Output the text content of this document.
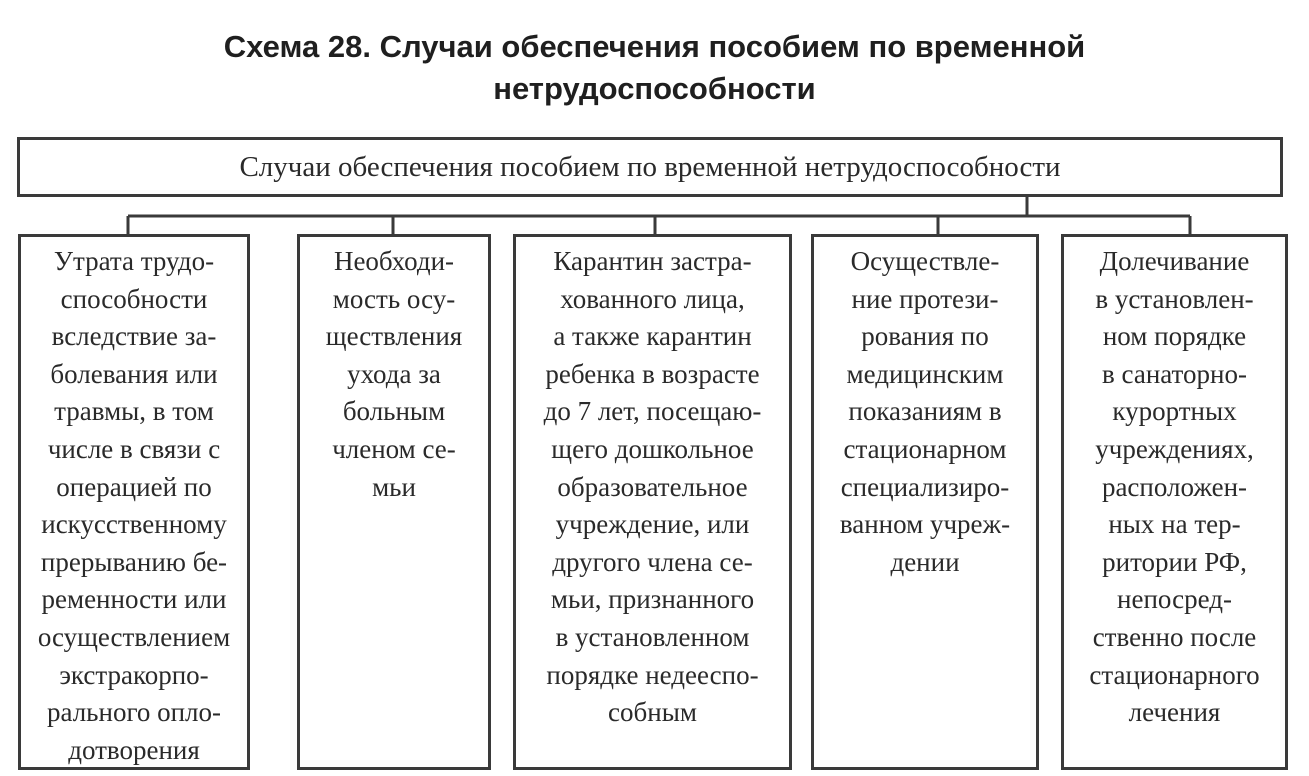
Схема 28. Случаи обеспечения пособием по временной
нетрудоспособности
Случаи обеспечения пособием по временной нетрудоспособности
Утрата трудо-
способности
вследствие за-
болевания или
травмы, в том
числе в связи с
операцией по
искусственному
прерыванию бе-
ременности или
осуществлением
экстракорпо-
рального опло-
дотворения
Необходи-
мость осу-
ществления
ухода за
больным
членом се-
мьи
Карантин застра-
хованного лица,
а также карантин
ребенка в возрасте
до 7 лет, посещаю-
щего дошкольное
образовательное
учреждение, или
другого члена се-
мьи, признанного
в установленном
порядке недееспо-
собным
Осуществле-
ние протези-
рования по
медицинским
показаниям в
стационарном
специализиро-
ванном учреж-
дении
Долечивание
в установлен-
ном порядке
в санаторно-
курортных
учреждениях,
расположен-
ных на тер-
ритории РФ,
непосред-
ственно после
стационарного
лечения
